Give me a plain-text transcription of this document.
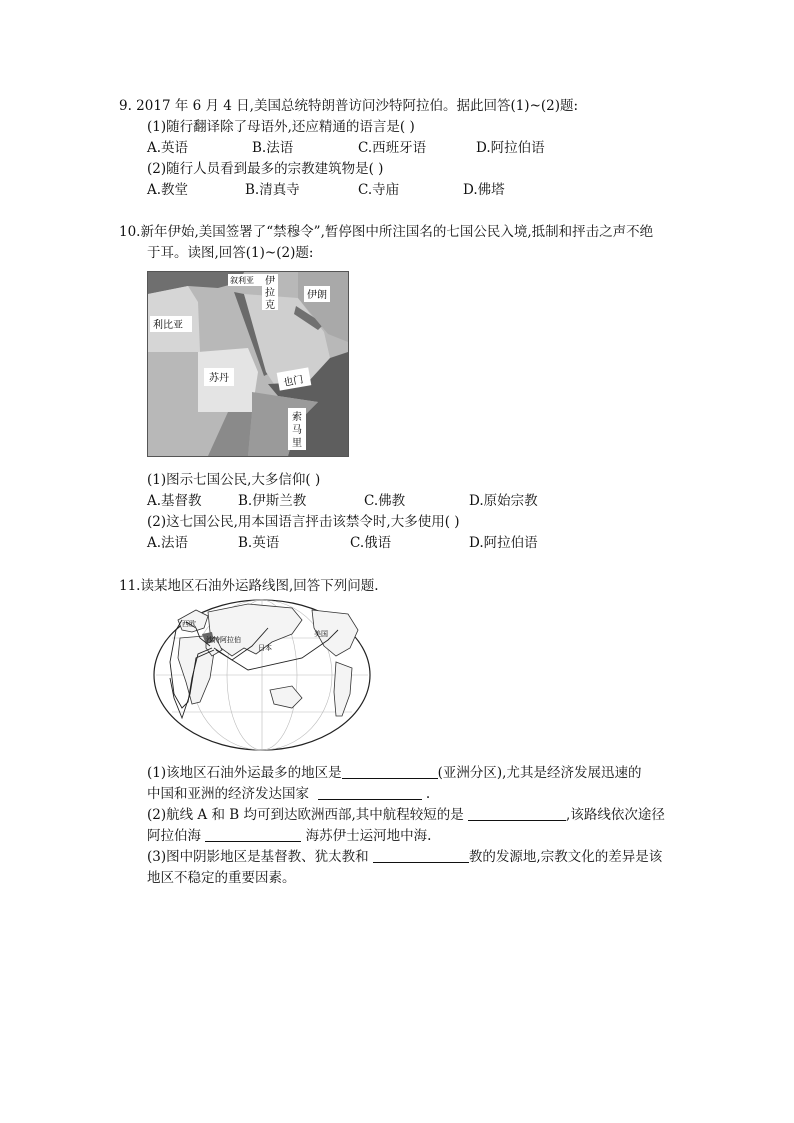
9. 2017 年 6 月 4 日,美国总统特朗普访问沙特阿拉伯。据此回答(1)~(2)题:
(1)随行翻译除了母语外,还应精通的语言是( )
A.英语	B.法语	C.西班牙语	D.阿拉伯语
(2)随行人员看到最多的宗教建筑物是( )
A.教堂	B.清真寺	C.寺庙	D.佛塔
10.新年伊始,美国签署了“禁穆令”,暂停图中所注国名的七国公民入境,抵制和抨击之声不绝
于耳。读图,回答(1)~(2)题:
叙利亚 伊
拉
克
伊朗
利比亚
苏丹	也门
索
马
里
(1)图示七国公民,大多信仰( )
A.基督教	B.伊斯兰教	C.佛教	D.原始宗教
(2)这七国公民,用本国语言抨击该禁令时,大多使用( )
A.法语	B.英语	C.俄语	D.阿拉伯语
11.读某地区石油外运路线图,回答下列问题.
西欧
沙特阿拉伯
日本
美国
(1)该地区石油外运最多的地区是	(亚洲分区),尤其是经济发展迅速的
中国和亚洲的经济发达国家	.
(2)航线 A 和 B 均可到达欧洲西部,其中航程较短的是	,该路线依次途径
阿拉伯海	海苏伊士运河地中海.
(3)图中阴影地区是基督教、犹太教和	教的发源地,宗教文化的差异是该
地区不稳定的重要因素。
